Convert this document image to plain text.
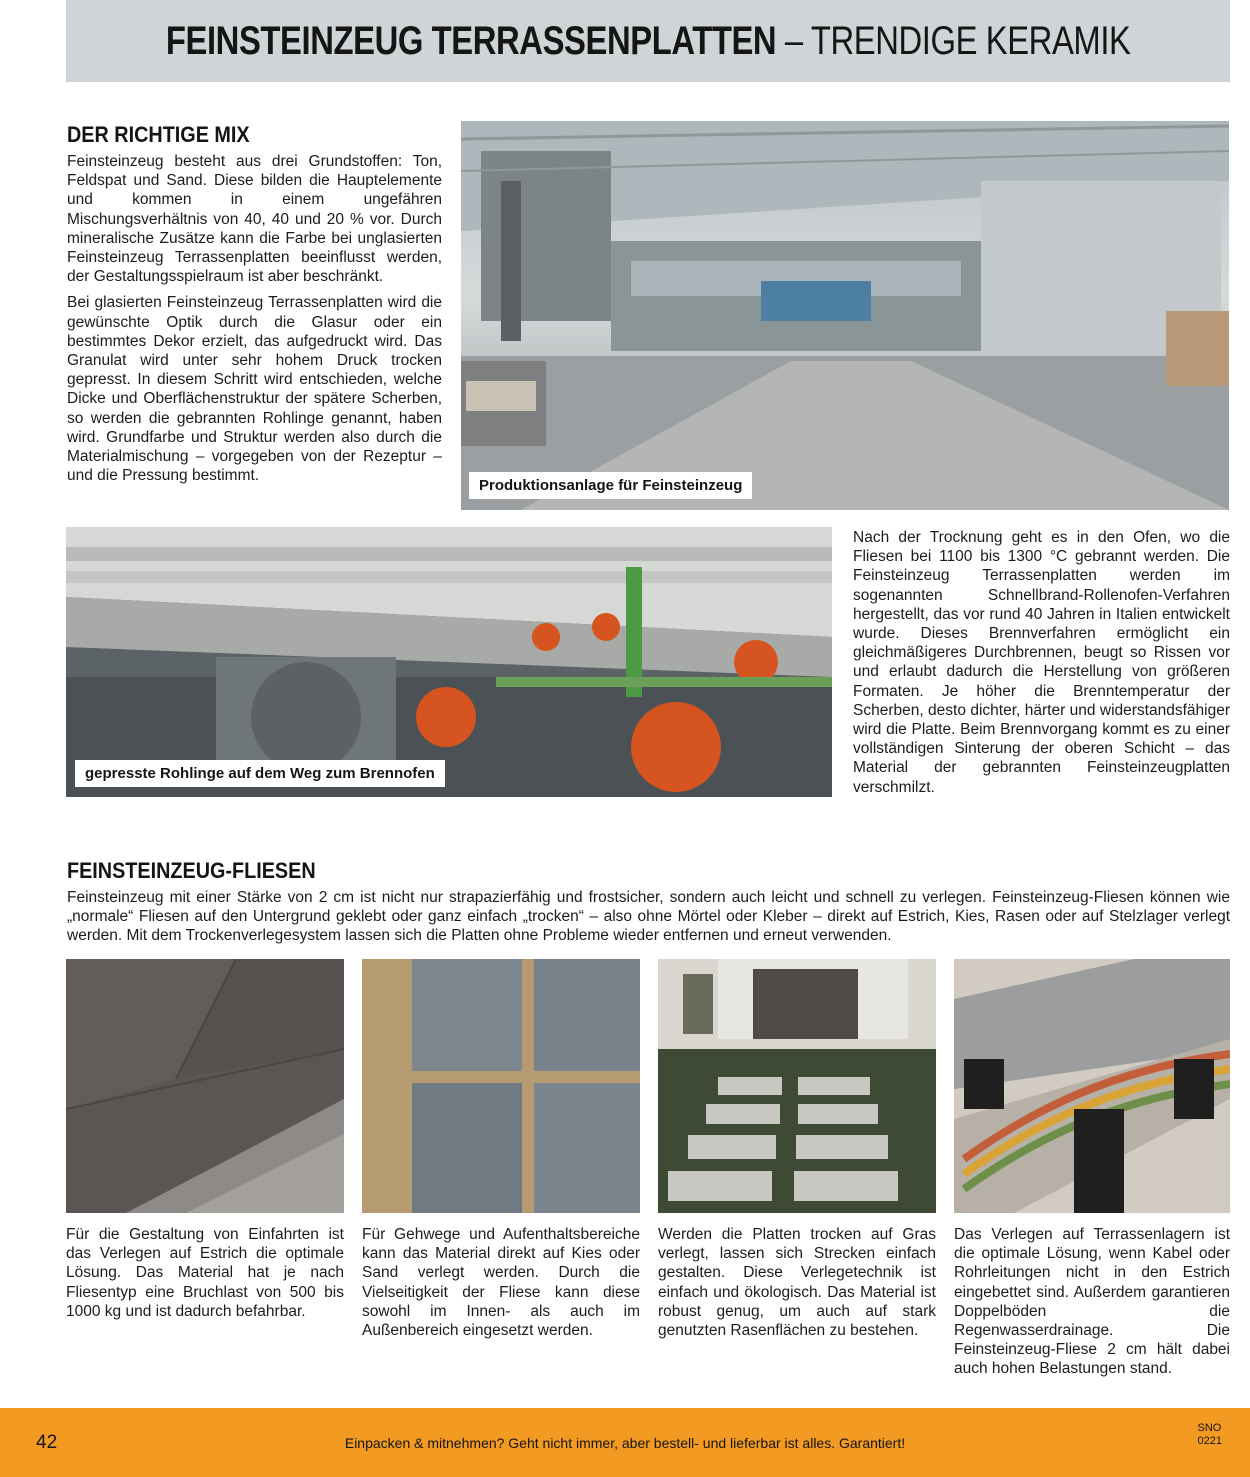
FEINSTEINZEUG TERRASSENPLATTEN – TRENDIGE KERAMIK
DER RICHTIGE MIX

Feinsteinzeug besteht aus drei Grundstoffen: Ton, Feldspat und Sand. Diese bilden die Hauptelemente und kommen in einem ungefähren Mischungsverhältnis von 40, 40 und 20 % vor. Durch mineralische Zusätze kann die Farbe bei unglasierten Feinsteinzeug Terrassenplatten beeinflusst werden, der Gestaltungsspielraum ist aber beschränkt.

Bei glasierten Feinsteinzeug Terrassenplatten wird die gewünschte Optik durch die Glasur oder ein bestimmtes Dekor erzielt, das aufgedruckt wird. Das Granulat wird unter sehr hohem Druck trocken gepresst. In diesem Schritt wird entschieden, welche Dicke und Oberflächenstruktur der spätere Scherben, so werden die gebrannten Rohlinge genannt, haben wird. Grundfarbe und Struktur werden also durch die Materialmischung – vorgegeben von der Rezeptur – und die Pressung bestimmt.

Produktionsanlage für Feinsteinzeug
gepresste Rohlinge auf dem Weg zum Brennofen

Nach der Trocknung geht es in den Ofen, wo die Fliesen bei 1100 bis 1300 °C gebrannt werden. Die Feinsteinzeug Terrassenplatten werden im sogenannten Schnellbrand-Rollenofen-Verfahren hergestellt, das vor rund 40 Jahren in Italien entwickelt wurde. Dieses Brennverfahren ermöglicht ein gleichmäßigeres Durchbrennen, beugt so Rissen vor und erlaubt dadurch die Herstellung von größeren Formaten. Je höher die Brenntemperatur der Scherben, desto dichter, härter und widerstandsfähiger wird die Platte. Beim Brennvorgang kommt es zu einer vollständigen Sinterung der oberen Schicht – das Material der gebrannten Feinsteinzeugplatten verschmilzt.

FEINSTEINZEUG-FLIESEN

Feinsteinzeug mit einer Stärke von 2 cm ist nicht nur strapazierfähig und frostsicher, sondern auch leicht und schnell zu verlegen. Feinsteinzeug-Fliesen können wie „normale“ Fliesen auf den Untergrund geklebt oder ganz einfach „trocken“ – also ohne Mörtel oder Kleber – direkt auf Estrich, Kies, Rasen oder auf Stelzlager verlegt werden. Mit dem Trockenverlegesystem lassen sich die Platten ohne Probleme wieder entfernen und erneut verwenden.

Für die Gestaltung von Einfahrten ist das Verlegen auf Estrich die optimale Lösung. Das Material hat je nach Fliesentyp eine Bruchlast von 500 bis 1000 kg und ist dadurch befahrbar.

Für Gehwege und Aufenthaltsbereiche kann das Material direkt auf Kies oder Sand verlegt werden. Durch die Vielseitigkeit der Fliese kann diese sowohl im Innen- als auch im Außenbereich eingesetzt werden.

Werden die Platten trocken auf Gras verlegt, lassen sich Strecken einfach gestalten. Diese Verlegetechnik ist einfach und ökologisch. Das Material ist robust genug, um auch auf stark genutzten Rasenflächen zu bestehen.

Das Verlegen auf Terrassenlagern ist die optimale Lösung, wenn Kabel oder Rohrleitungen nicht in den Estrich eingebettet sind. Außerdem garantieren Doppelböden die Regenwasserdrainage. Die Feinsteinzeug-Fliese 2 cm hält dabei auch hohen Belastungen stand.

42	Einpacken & mitnehmen? Geht nicht immer, aber bestell- und lieferbar ist alles. Garantiert!
SNO
0221
